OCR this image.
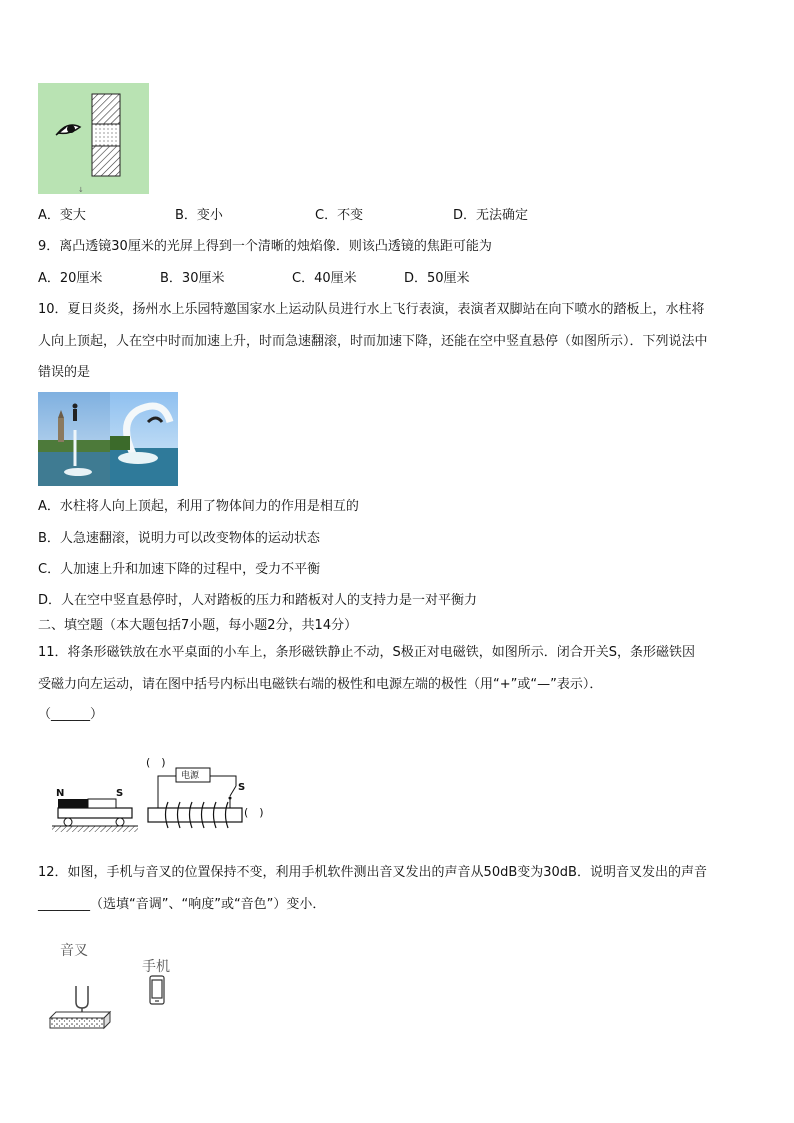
↓
A．变大	B．变小	C．不变	D．无法确定
9．离凸透镜30厘米的光屏上得到一个清晰的烛焰像．则该凸透镜的焦距可能为
A．20厘米	B．30厘米	C．40厘米	D．50厘米
10．夏日炎炎，扬州水上乐园特邀国家水上运动队员进行水上飞行表演，表演者双脚站在向下喷水的踏板上，水柱将
人向上顶起，人在空中时而加速上升，时而急速翻滚，时而加速下降，还能在空中竖直悬停（如图所示）．下列说法中
错误的是
A．水柱将人向上顶起，利用了物体间力的作用是相互的
B．人急速翻滚，说明力可以改变物体的运动状态
C．人加速上升和加速下降的过程中，受力不平衡
D．人在空中竖直悬停时，人对踏板的压力和踏板对人的支持力是一对平衡力
二、填空题（本大题包括7小题，每小题2分，共14分）
11．将条形磁铁放在水平桌面的小车上，条形磁铁静止不动，S极正对电磁铁，如图所示．闭合开关S，条形磁铁因
受磁力向左运动，请在图中括号内标出电磁铁右端的极性和电源左端的极性（用“+”或“—”表示）．
（______）
N	S
电源
S
(　)
(　)
12．如图，手机与音叉的位置保持不变，利用手机软件测出音叉发出的声音从50dB变为30dB．说明音叉发出的声音
________（选填“音调”、“响度”或“音色”）变小．
音叉
手机
